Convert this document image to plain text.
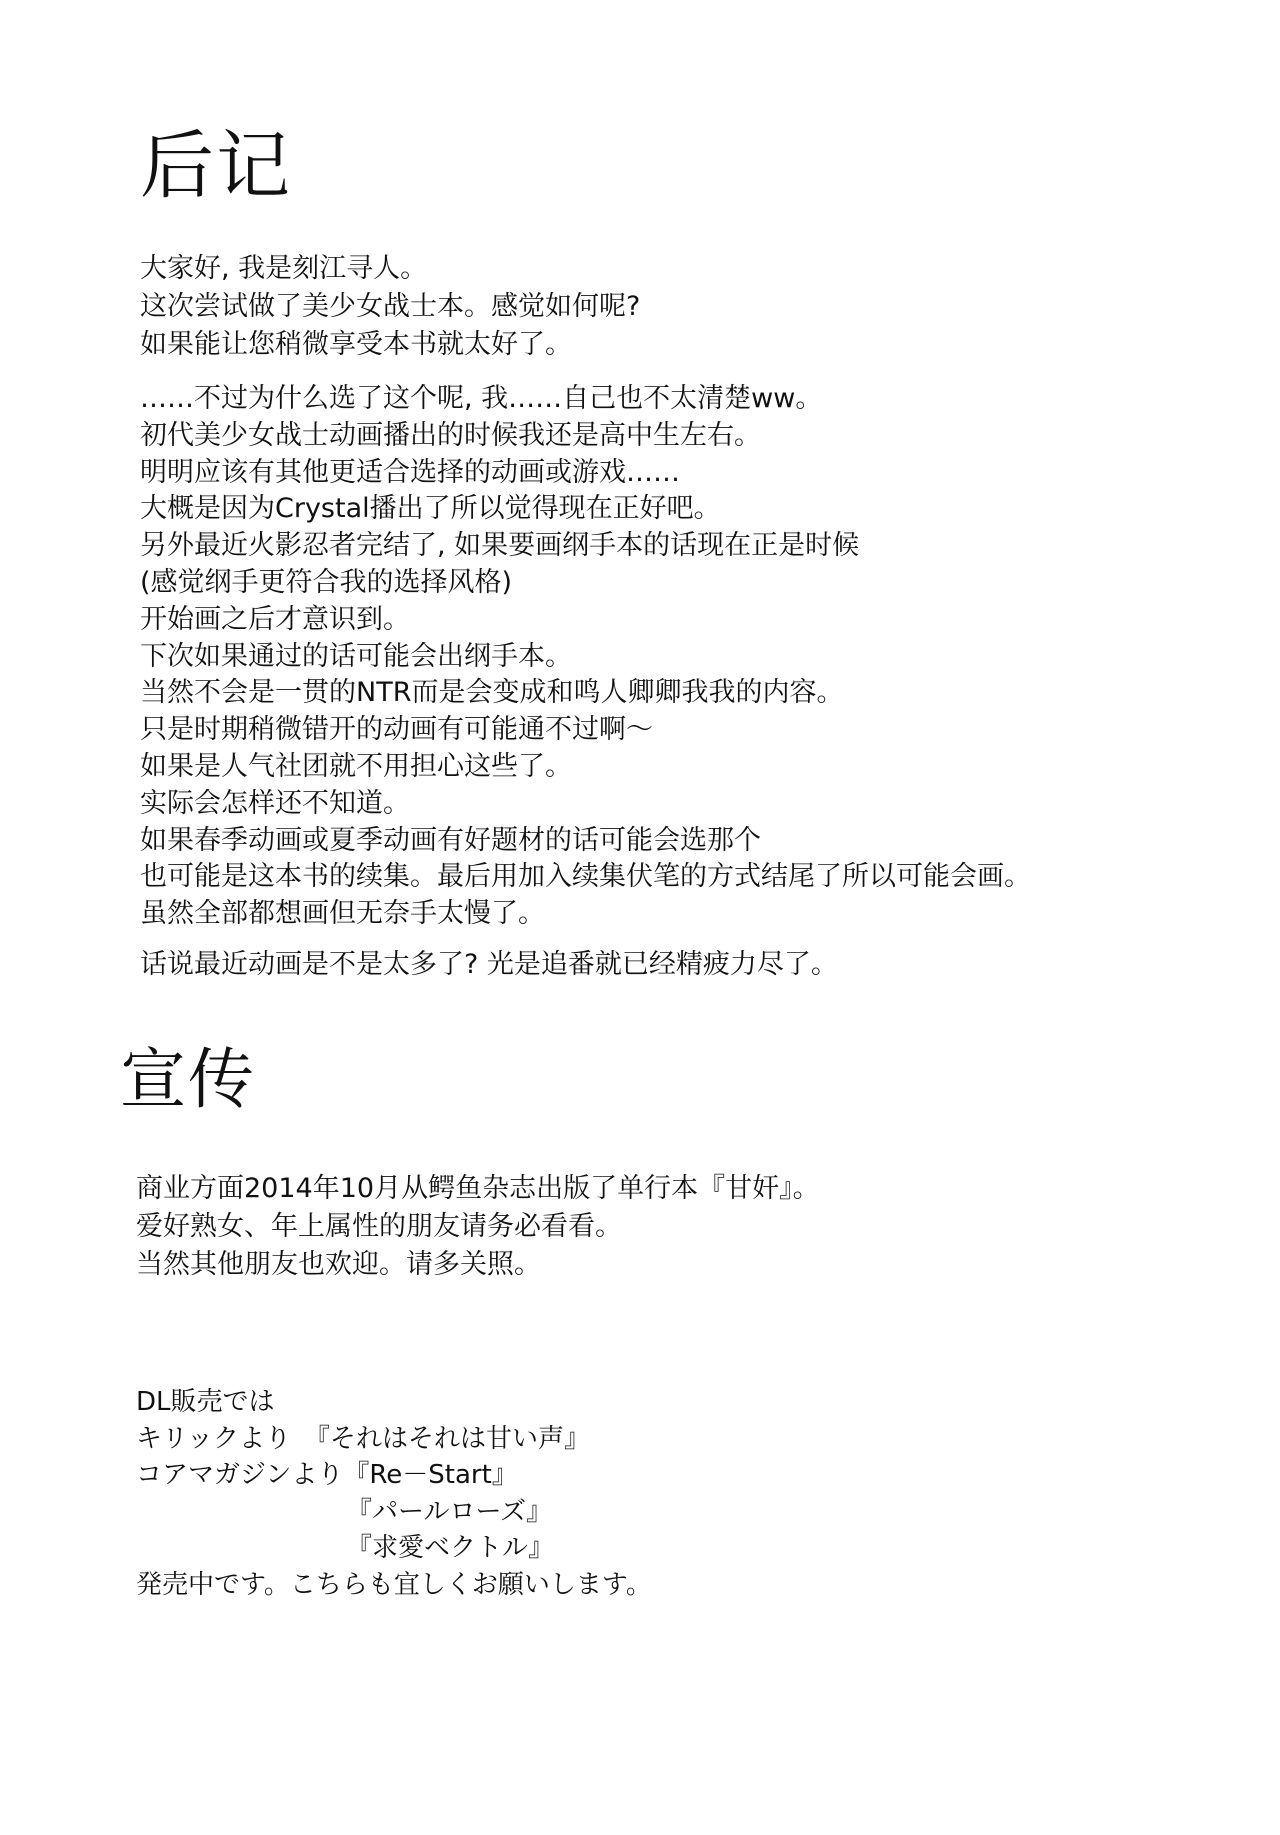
后记
大家好, 我是刻江寻人。
这次尝试做了美少女战士本。感觉如何呢?
如果能让您稍微享受本书就太好了。
……不过为什么选了这个呢, 我……自己也不太清楚ww。
初代美少女战士动画播出的时候我还是高中生左右。
明明应该有其他更适合选择的动画或游戏……
大概是因为Crystal播出了所以觉得现在正好吧。
另外最近火影忍者完结了, 如果要画纲手本的话现在正是时候
(感觉纲手更符合我的选择风格)
开始画之后才意识到。
下次如果通过的话可能会出纲手本。
当然不会是一贯的NTR而是会变成和鸣人卿卿我我的内容。
只是时期稍微错开的动画有可能通不过啊～
如果是人气社团就不用担心这些了。
实际会怎样还不知道。
如果春季动画或夏季动画有好题材的话可能会选那个
也可能是这本书的续集。最后用加入续集伏笔的方式结尾了所以可能会画。
虽然全部都想画但无奈手太慢了。
话说最近动画是不是太多了? 光是追番就已经精疲力尽了。
宣传
商业方面2014年10月从鳄鱼杂志出版了单行本『甘奸』。
爱好熟女、年上属性的朋友请务必看看。
当然其他朋友也欢迎。请多关照。
DL販売では
キリックより　『それはそれは甘い声』
コアマガジンより『Re－Start』
『パールローズ』
『求愛ベクトル』
発売中です。こちらも宜しくお願いします。
